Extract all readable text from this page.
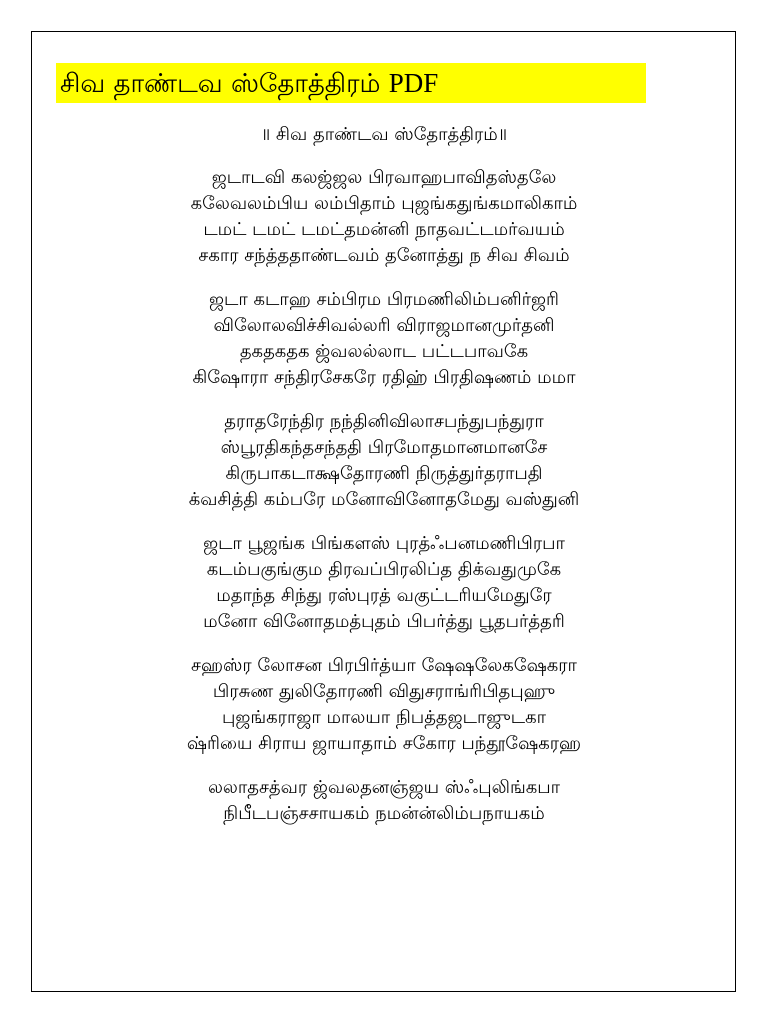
சிவ தாண்டவ ஸ்தோத்திரம் PDF
॥ சிவ தாண்டவ ஸ்தோத்திரம்॥
ஜடாடவி கலஜ்ஜல பிரவாஹபாவிதஸ்தலே
கலேவலம்பிய லம்பிதாம் புஜங்கதுங்கமாலிகாம்
டமட் டமட் டமட்தமன்னி நாதவட்டமர்வயம்
சகார சந்த்ததாண்டவம் தனோத்து ந சிவ சிவம்
ஜடா கடாஹ சம்பிரம பிரமணிலிம்பனிர்ஜரி
விலோலவிச்சிவல்லரி விராஜமானமுர்தனி
தகதகதக ஜ்வலல்லாட பட்டபாவகே
கிஷோரா சந்திரசேகரே ரதிஹ் பிரதிஷணம் மமா
தராதரேந்திர நந்தினிவிலாசபந்துபந்துரா
ஸ்பூரதிகந்தசந்ததி பிரமோதமானமானசே
கிருபாகடாக்ஷதோரணி நிருத்துர்தராபதி
க்வசித்தி கம்பரே மனோவினோதமேது வஸ்துனி
ஜடா பூஜங்க பிங்களஸ் புரத்ஃபனமணிபிரபா
கடம்பகுங்கும திரவப்பிரலிப்த திக்வதுமுகே
மதாந்த சிந்து ரஸ்புரத் வகுட்டரியமேதுரே
மனோ வினோதமத்புதம் பிபர்த்து பூதபர்த்தரி
சஹஸ்ர லோசன பிரபிர்த்யா ஷேஷலேகஷேகரா
பிரசுண துலிதோரணி விதுசராங்ரிபிதபுஹு
புஜங்கராஜா மாலயா நிபத்தஜடாஜுடகா
ஷ்ரியை சிராய ஜாயாதாம் சகோர பந்தூஷேகரஹ
லலாதசத்வர ஜ்வலதனஞ்ஜய ஸ்ஃபுலிங்கபா
நிபீடபஞ்சசாயகம் நமன்ன்லிம்பநாயகம்
